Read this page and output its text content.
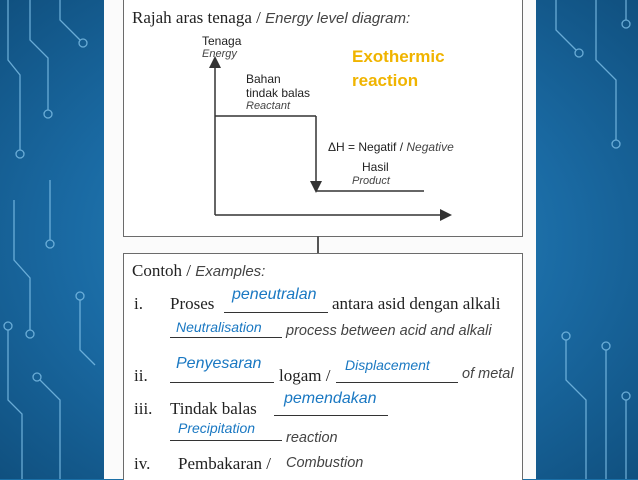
Rajah aras tenaga / Energy level diagram:
Tenaga
Energy
Bahan
tindak balas
Reactant
ΔH = Negatif / Negative
Hasil
Product
Exothermic
reaction
Contoh / Examples:
i. Proses peneutralan antara asid dengan alkali
Neutralisation process between acid and alkali
ii.
Penyesaran
logam /
Displacement
of metal
iii. Tindak balas
pemendakan
Precipitation
reaction
iv. Pembakaran / Combustion
